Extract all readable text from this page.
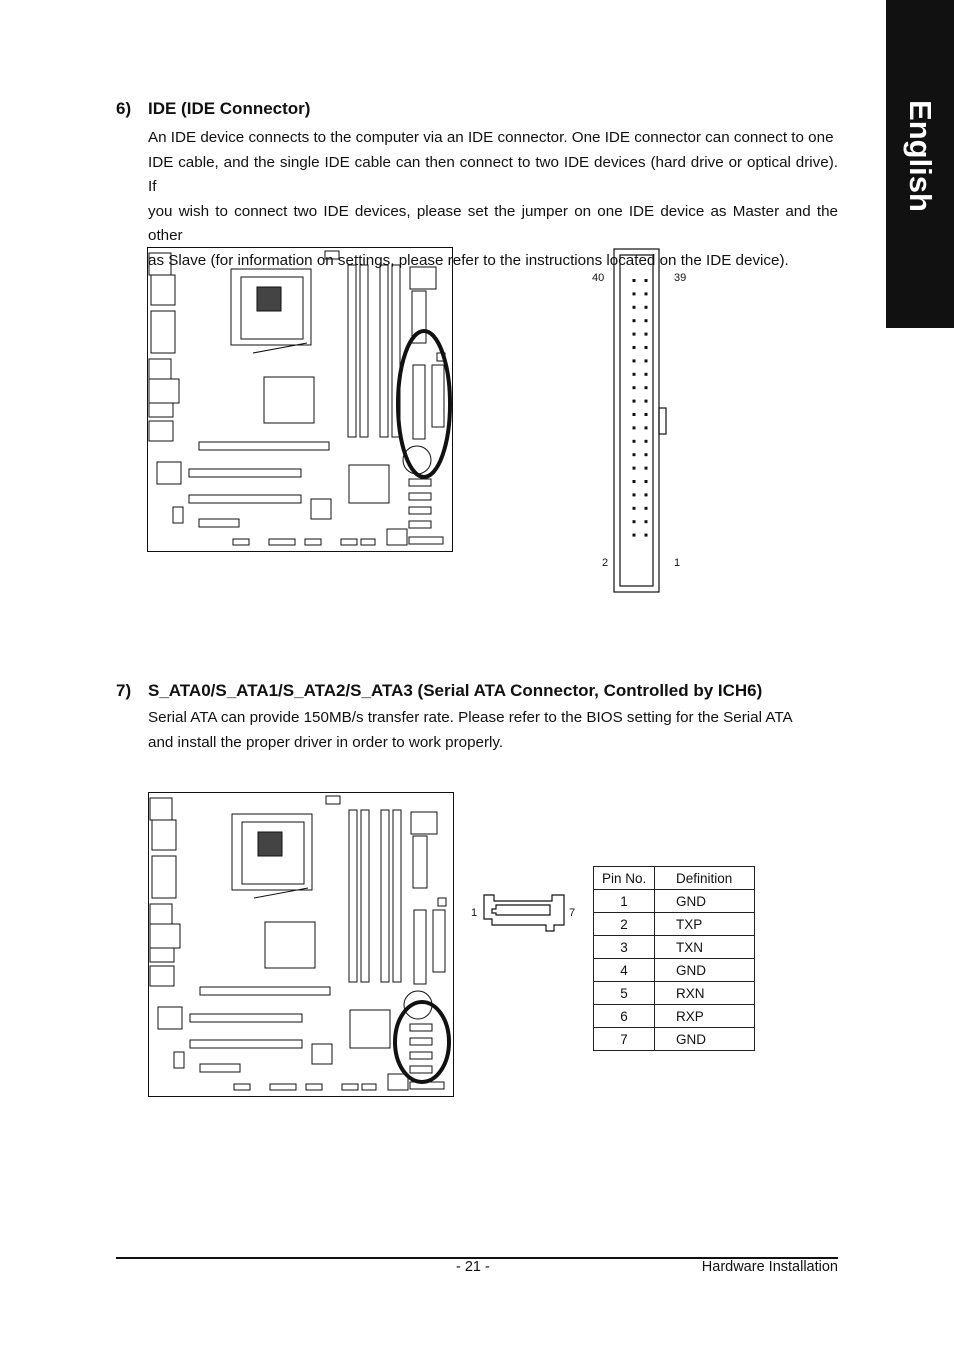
English
6) IDE (IDE Connector)
An IDE device connects to the computer via an IDE connector. One IDE connector can connect to one
IDE cable, and the single IDE cable can then connect to two IDE devices (hard drive or optical drive). If
you wish to connect two IDE devices, please set the jumper on one IDE device as Master and the other
as Slave (for information on settings, please refer to the instructions located on the IDE device).
40	39
2	1
7) S_ATA0/S_ATA1/S_ATA2/S_ATA3 (Serial ATA Connector, Controlled by ICH6)
Serial ATA can provide 150MB/s transfer rate. Please refer to the BIOS setting for the Serial ATA
and install the proper driver in order to work properly.
1	7
Pin No.	Definition
1	GND
2	TXP
3	TXN
4	GND
5	RXN
6	RXP
7	GND
- 21 -	Hardware Installation
